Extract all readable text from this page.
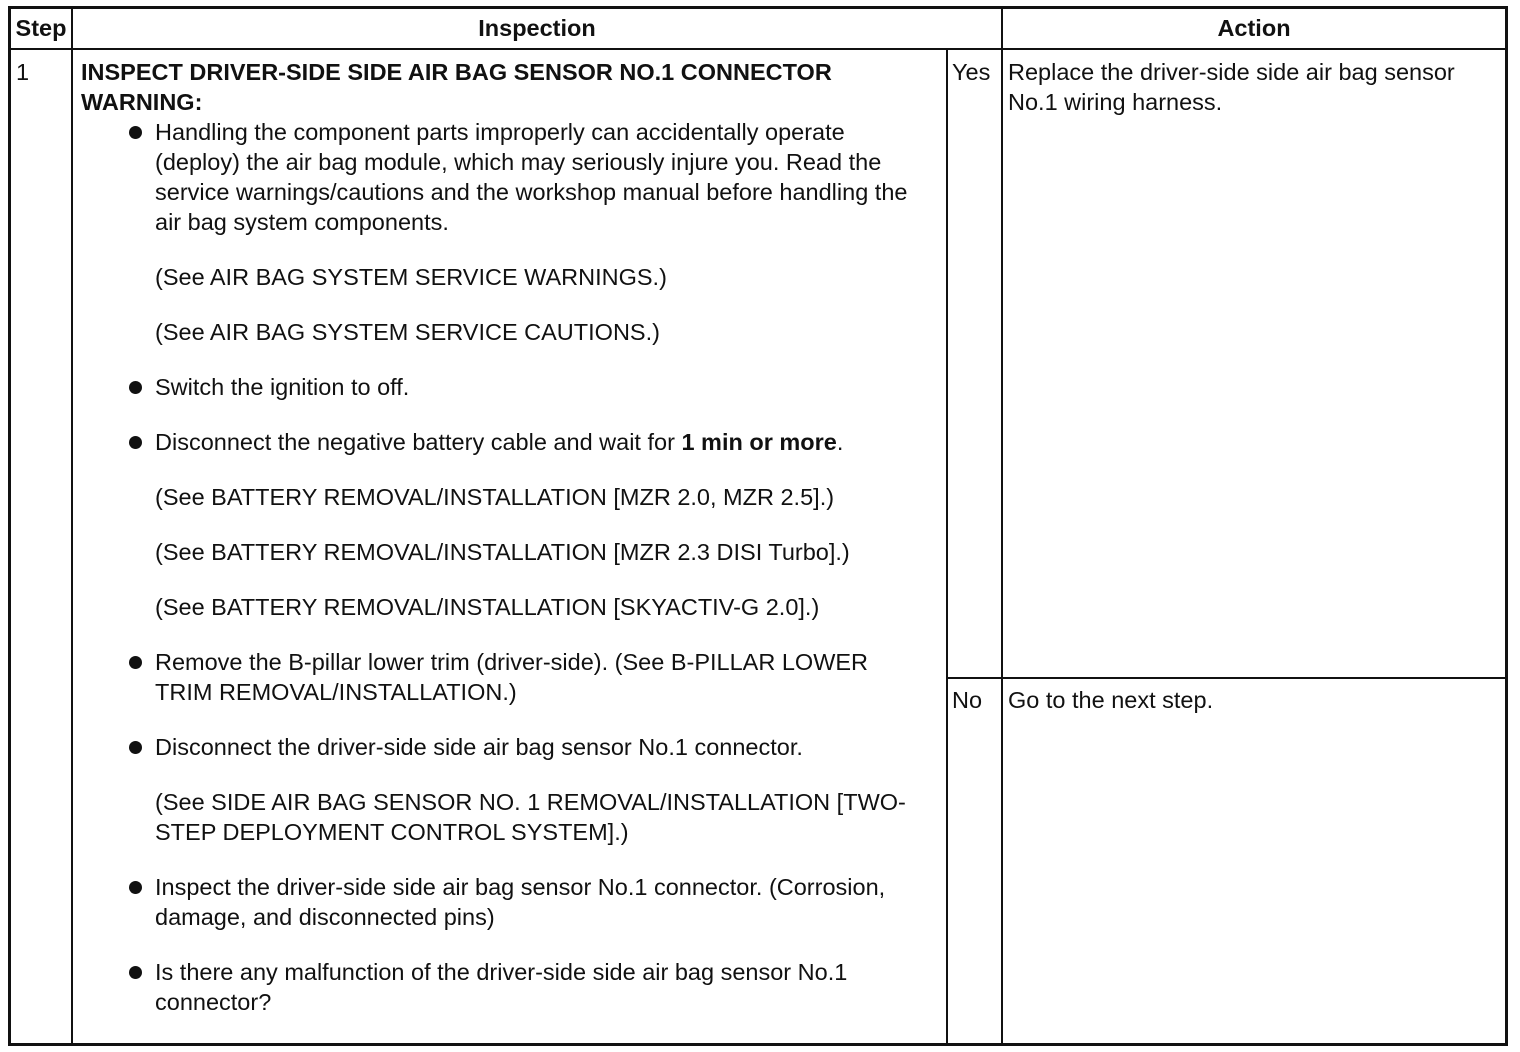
Step	Inspection	Action
1 INSPECT DRIVER-SIDE SIDE AIR BAG SENSOR NO.1 CONNECTOR
WARNING:
Handling the component parts improperly can accidentally operate (deploy) the air bag module, which may seriously injure you. Read the service warnings/cautions and the workshop manual before handling the air bag system components.
(See AIR BAG SYSTEM SERVICE WARNINGS.)
(See AIR BAG SYSTEM SERVICE CAUTIONS.)
Switch the ignition to off.
Disconnect the negative battery cable and wait for 1 min or more.
(See BATTERY REMOVAL/INSTALLATION [MZR 2.0, MZR 2.5].)
(See BATTERY REMOVAL/INSTALLATION [MZR 2.3 DISI Turbo].)
(See BATTERY REMOVAL/INSTALLATION [SKYACTIV-G 2.0].)
Remove the B-pillar lower trim (driver-side). (See B-PILLAR LOWER TRIM REMOVAL/INSTALLATION.)
Disconnect the driver-side side air bag sensor No.1 connector.
(See SIDE AIR BAG SENSOR NO. 1 REMOVAL/INSTALLATION [TWO-STEP DEPLOYMENT CONTROL SYSTEM].)
Inspect the driver-side side air bag sensor No.1 connector. (Corrosion, damage, and disconnected pins)
Is there any malfunction of the driver-side side air bag sensor No.1 connector?
Yes Replace the driver-side side air bag sensor No.1 wiring harness.
No Go to the next step.
